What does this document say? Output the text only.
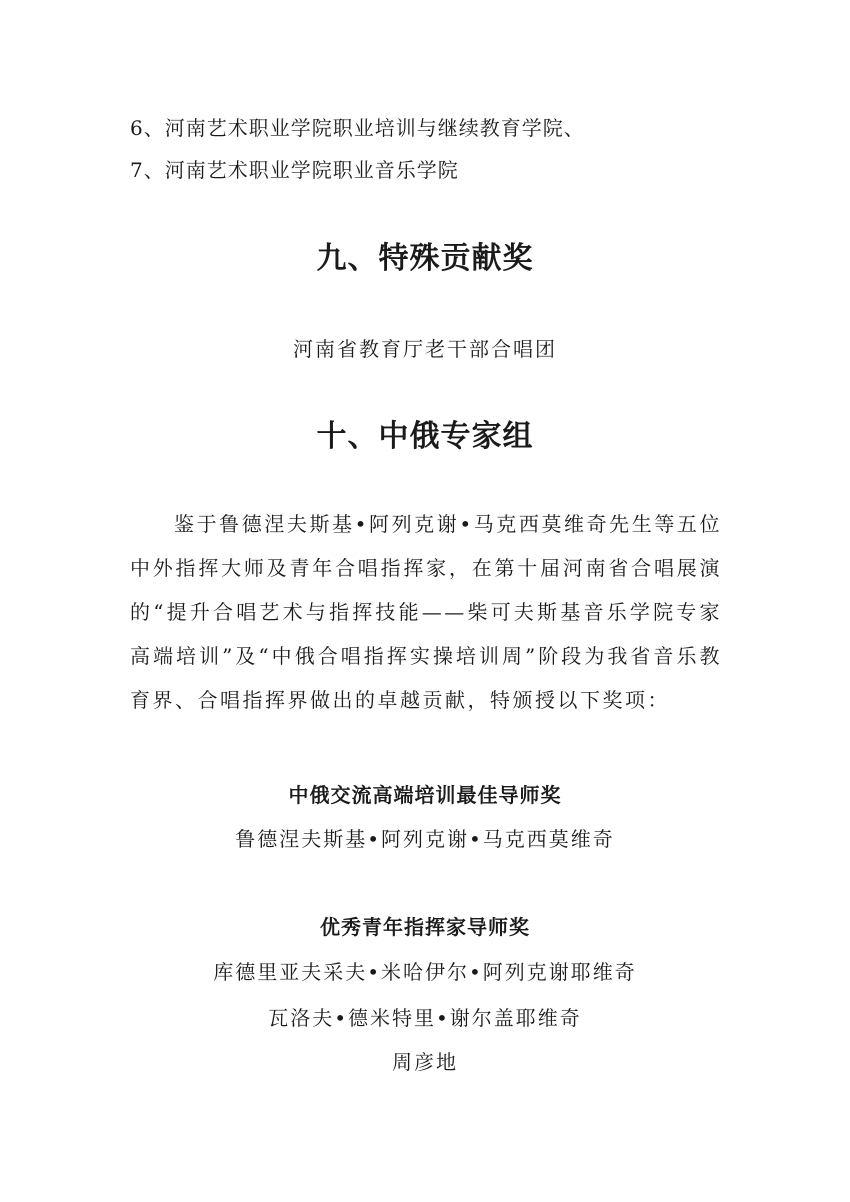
6、河南艺术职业学院职业培训与继续教育学院、
7、河南艺术职业学院职业音乐学院
九、特殊贡献奖
河南省教育厅老干部合唱团
十、中俄专家组

鉴于鲁德涅夫斯基•阿列克谢•马克西莫维奇先生等五位中外指挥大师及青年合唱指挥家，在第十届河南省合唱展演的“提升合唱艺术与指挥技能——柴可夫斯基音乐学院专家高端培训”及“中俄合唱指挥实操培训周”阶段为我省音乐教育界、合唱指挥界做出的卓越贡献，特颁授以下奖项：

中俄交流高端培训最佳导师奖
鲁德涅夫斯基•阿列克谢•马克西莫维奇
优秀青年指挥家导师奖
库德里亚夫采夫•米哈伊尔•阿列克谢耶维奇
瓦洛夫•德米特里•谢尔盖耶维奇
周彦地
